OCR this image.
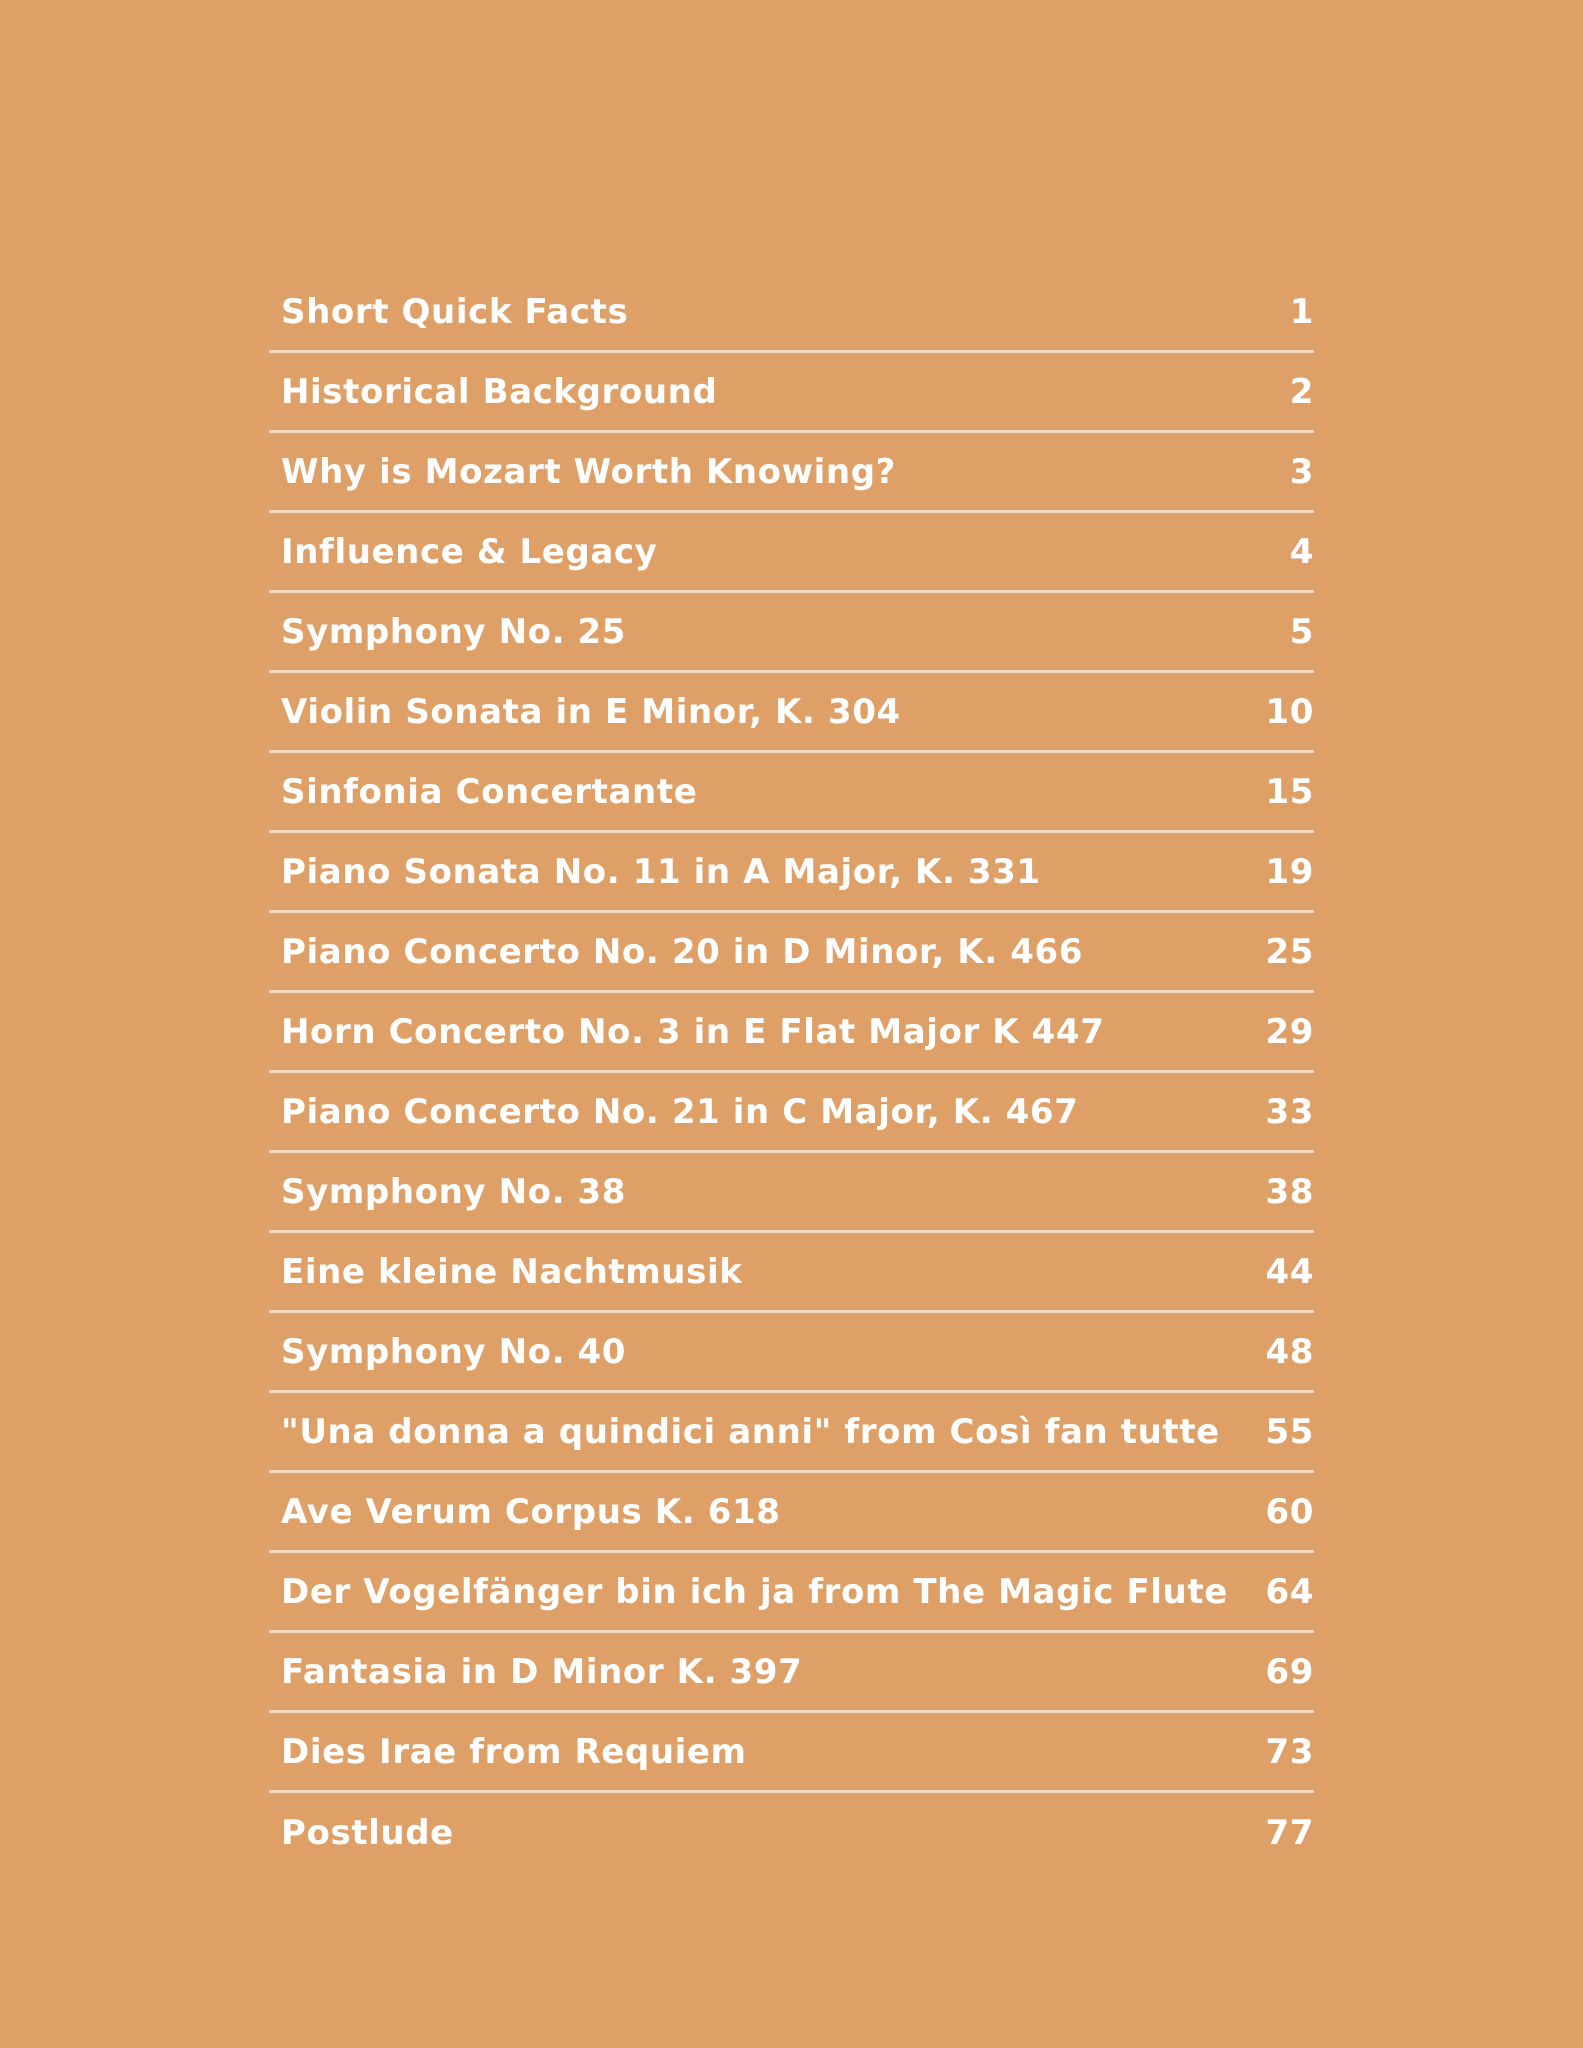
Short Quick Facts	1
Historical Background	2
Why is Mozart Worth Knowing?	3
Influence & Legacy	4
Symphony No. 25	5
Violin Sonata in E Minor, K. 304	10
Sinfonia Concertante	15
Piano Sonata No. 11 in A Major, K. 331	19
Piano Concerto No. 20 in D Minor, K. 466	25
Horn Concerto No. 3 in E Flat Major K 447	29
Piano Concerto No. 21 in C Major, K. 467	33
Symphony No. 38	38
Eine kleine Nachtmusik	44
Symphony No. 40	48
"Una donna a quindici anni" from Così fan tutte	55
Ave Verum Corpus K. 618	60
Der Vogelfänger bin ich ja from The Magic Flute	64
Fantasia in D Minor K. 397	69
Dies Irae from Requiem	73
Postlude	77
